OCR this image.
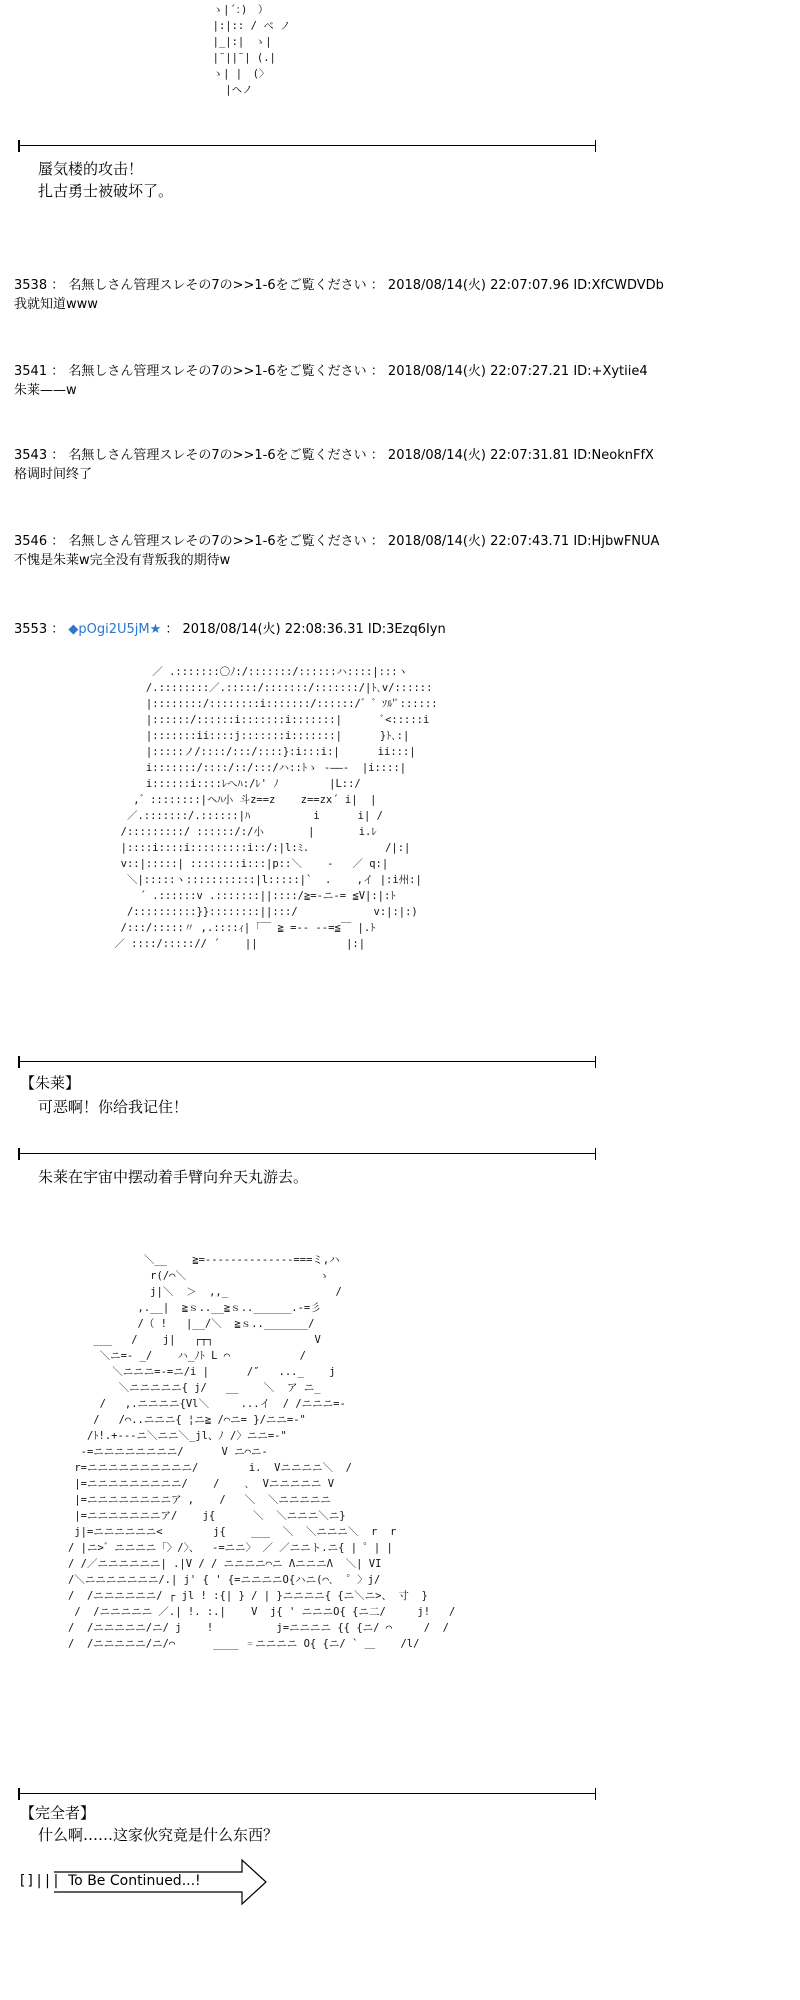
ゝ|´：)　）
|:|:: / ベ ノ
|_|:|　ゝ|
|¨||¨| (.|
ゝ| |　(〉
|ヘノ

蜃気楼的攻击！

扎古勇士被破坏了。

3538 ： 名無しさん管理スレその7の>>1-6をご覧ください ： 2018/08/14(火) 22:07:07.96 ID:XfCWDVDb
我就知道www
3541 ： 名無しさん管理スレその7の>>1-6をご覧ください ： 2018/08/14(火) 22:07:27.21 ID:+Xytiie4
朱莱——w
3543 ： 名無しさん管理スレその7の>>1-6をご覧ください ： 2018/08/14(火) 22:07:31.81 ID:NeoknFfX
格调时间终了
3546 ： 名無しさん管理スレその7の>>1-6をご覧ください ： 2018/08/14(火) 22:07:43.71 ID:HjbwFNUA
不愧是朱莱w完全没有背叛我的期待w
3553 ： ◆pOgi2U5jM★ ： 2018/08/14(火) 22:08:36.31 ID:3Ezq6Iyn
／ .:::::::〇ﾉ:/:::::::/::::::ハ::::|:::ヽ
/.::::::::／.:::::/:::::::/:::::::/|ﾄ､v/::::::
|::::::::/::::::::i:::::::/::::::/゛゛ｿﾙ'ﾞ::::::
|::::::/::::::i:::::::i:::::::|      ﾞ<:::::i
|:::::::ii::::j:::::::i:::::::|      }ﾄ､:|
|:::::ノ/::::/:::/::::}:i:::i:|      ii:::|
i:::::::/::::/::/:::/ハ::ﾄゝ -――-  |i::::|
i::::::i::::ﾚへﾊ:/ﾚ' ﾉ        |L::/
,゛::::::::|ヘﾊ小 斗z==z    z==zx´ i|  |
／.:::::::/.::::::|ﾊ          i      i| /
/:::::::::/ ::::::/:/小       |       i.ﾚ
|::::i::::i:::::::::i::/:|l:ﾐ.            /|:|
v::|:::::| ::::::::i:::|p::＼    ‐   ／ q:|
＼|:::::ヽ:::::::::::|l:::::|`  .    ,イ |:i州:|
´ .::::::v .:::::::||::::/≧=-ニ-= ≦V|:|:ﾄ
/::::::::::}}::::::::||:::/            v:|:|:)
/:::/:::::〃 ,.::::ｨ|「￣ ≧ =-- --=≦￣ |.ﾄ
／ ::::/:::::// ´    ||              |:|

【朱莱】

可恶啊！你给我记住！

朱莱在宇宙中摆动着手臂向弁天丸游去。

＼__    ≧=--------------===ミ,ハ
r(/⌒＼                     ゝ
j|＼  ＞  ,,_                 /
,.__|  ≧ｓ..__≧ｓ..______.-=彡
/（ !   |__/＼  ≧ｓ.._______/
___   /    j|   ┌┬┐                V
＼ニ=- _/    ハ_ﾉﾄ L ⌒           /
＼ニニニ=-=ニ/i |      /″   ..._    j
＼ニニニニニ{ j/   __    ＼  ア ニ_
/   ,.ニニニニ{Vl＼     ...イ  / /ニニニ=-
/   /⌒..ニニニ{ ¦ニ≧ /⌒ニ= }/ニニ=-"
/ﾄ!.+---ニ＼ニニ＼_jl、ﾉ /〉ニニ=-"
-=ニニニニニニニニ/      V ニ⌒ニ-
r=ニニニニニニニニニニ/        i.  Vニニニニ＼  /
|=ニニニニニニニニニ/    /    ､  Vニニニニニ V
|=ニニニニニニニニア ,    /   ＼  ＼ニニニニニ
|=ニニニニニニニア/    j{      ＼  ＼ニニニ＼ニ}
j|=ニニニニニニ<        j{    ___  ＼  ＼ニニニ＼  r  r
/ |ニ>゛ニニニニ「〉/〉、  -=ニニ〉 ／ ／ニニト.ニ{ | ゜| |
/ /／ニニニニニニ| .|V / / ニニニニ⌒ニ ΛニニニΛ  ＼| VI
/＼ニニニニニニニ/.| j' { ' {=ニニニニO{ハニ(⌒､  ゜〉j/
/  /ニニニニニニ/ ┌ jl ! :{| } / | }ニニニニ{ {ニ＼ニ>、 寸  }
/  /ニニニニニ ／.| !. :.|    V  j{ ' ニニニO{ {ニ二/     j!   /
/  /ニニニニニ/ニ/ j    !          j=ニニニニ {{ {ニ/ ⌒     /  /
/  /ニニニニニ/ニ/⌒      ____ ゠ニニニニ O{ {ニ/ ` ＿    /l/

【完全者】

什么啊……这家伙究竟是什么东西？

[]||| To Be Continued...!
